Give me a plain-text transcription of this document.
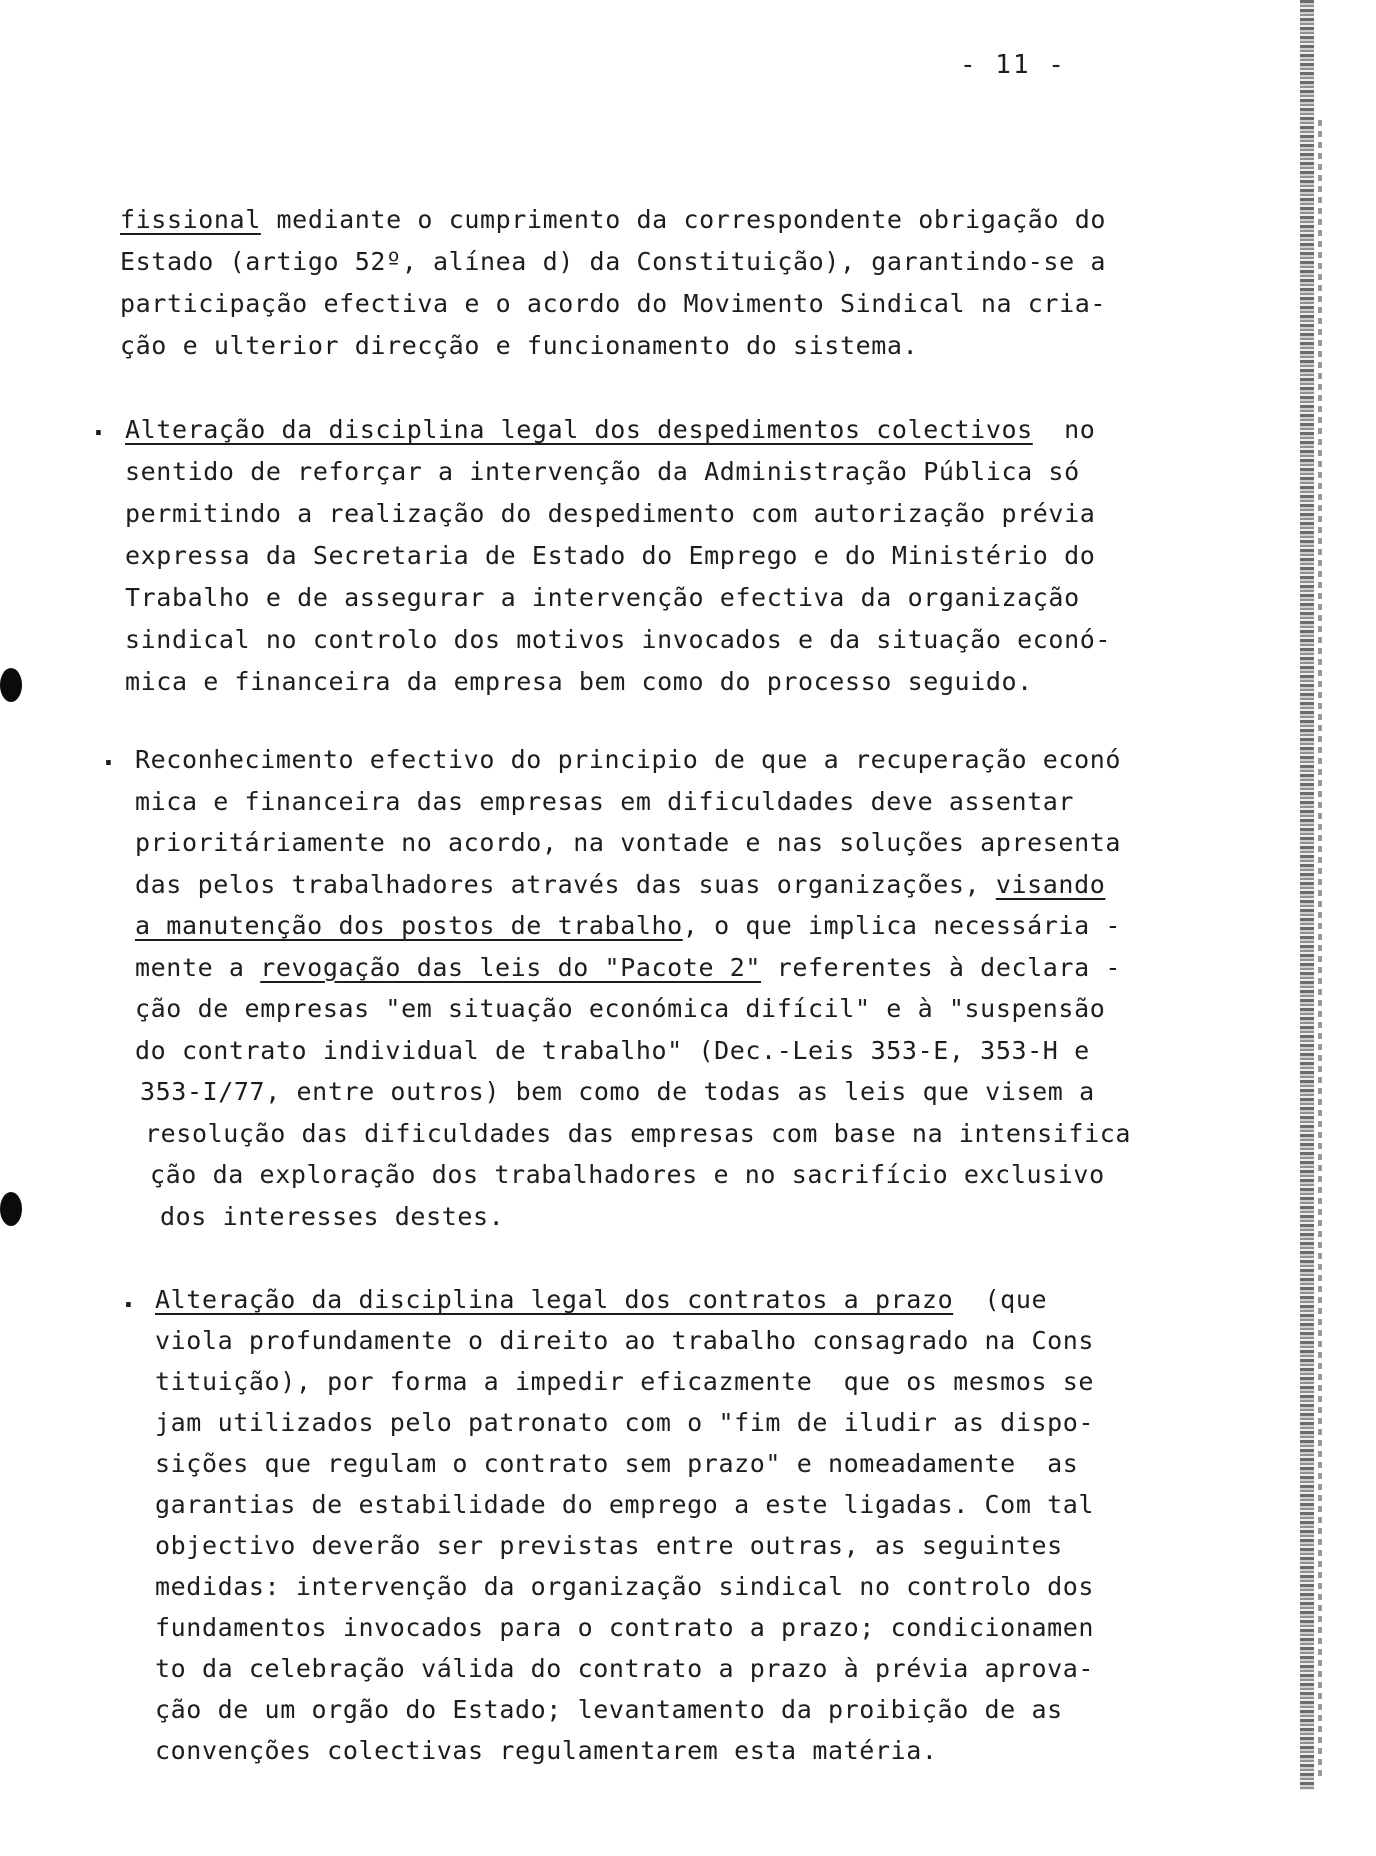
- 11 -
fissional mediante o cumprimento da correspondente obrigação do
Estado (artigo 52º, alínea d) da Constituição), garantindo-se a
participação efectiva e o acordo do Movimento Sindical na cria-
ção e ulterior direcção e funcionamento do sistema.
. Alteração da disciplina legal dos despedimentos colectivos  no
sentido de reforçar a intervenção da Administração Pública só
permitindo a realização do despedimento com autorização prévia
expressa da Secretaria de Estado do Emprego e do Ministério do
Trabalho e de assegurar a intervenção efectiva da organização
sindical no controlo dos motivos invocados e da situação econó-
mica e financeira da empresa bem como do processo seguido.
. Reconhecimento efectivo do principio de que a recuperação econó
mica e financeira das empresas em dificuldades deve assentar
prioritáriamente no acordo, na vontade e nas soluções apresenta
das pelos trabalhadores através das suas organizações, visando
a manutenção dos postos de trabalho, o que implica necessária -
mente a revogação das leis do "Pacote 2" referentes à declara -
ção de empresas "em situação económica difícil" e à "suspensão
do contrato individual de trabalho" (Dec.-Leis 353-E, 353-H e
353-I/77, entre outros) bem como de todas as leis que visem a
resolução das dificuldades das empresas com base na intensifica
ção da exploração dos trabalhadores e no sacrifício exclusivo
dos interesses destes.
. Alteração da disciplina legal dos contratos a prazo  (que
viola profundamente o direito ao trabalho consagrado na Cons
tituição), por forma a impedir eficazmente  que os mesmos se
jam utilizados pelo patronato com o "fim de iludir as dispo-
sições que regulam o contrato sem prazo" e nomeadamente  as
garantias de estabilidade do emprego a este ligadas. Com tal
objectivo deverão ser previstas entre outras, as seguintes
medidas: intervenção da organização sindical no controlo dos
fundamentos invocados para o contrato a prazo; condicionamen
to da celebração válida do contrato a prazo à prévia aprova-
ção de um orgão do Estado; levantamento da proibição de as
convenções colectivas regulamentarem esta matéria.
